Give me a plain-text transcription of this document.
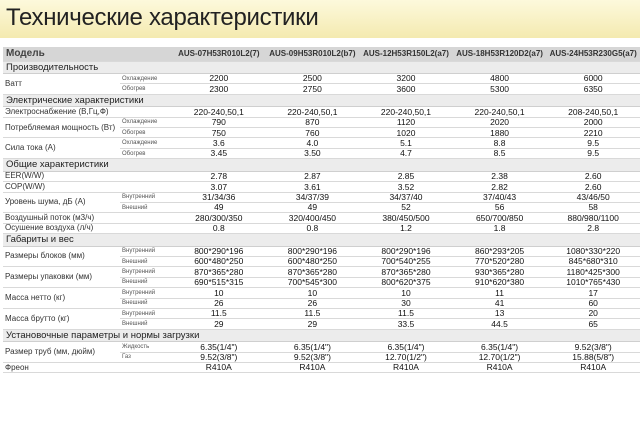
Технические характеристики
Модель		AUS-07H53R010L2(7)	AUS-09H53R010L2(b7)	AUS-12H53R150L2(a7)	AUS-18H53R120D2(a7)	AUS-24H53R230G5(a7)
Производительность						
Ватт	Охлаждение	2200	2500	3200	4800	6000
	Обогрев	2300	2750	3600	5300	6350
Электрические характеристики						
Электроснабжение (В,Гц,Ф)		220-240,50,1	220-240,50,1	220-240,50,1	220-240,50,1	208-240,50,1
Потребляемая мощность (Вт)	Охлаждение	790	870	1120	2020	2000
	Обогрев	750	760	1020	1880	2210
Сила тока (А)	Охлаждение	3.6	4.0	5.1	8.8	9.5
	Обогрев	3.45	3.50	4.7	8.5	9.5
Общие характеристики						
EER(W/W)		2.78	2.87	2.85	2.38	2.60
COP(W/W)		3.07	3.61	3.52	2.82	2.60
Уровень шума, дБ (А)	Внутренний	31/34/36	34/37/39	34/37/40	37/40/43	43/46/50
	Внешний	49	49	52	56	58
Воздушный поток (м3/ч)		280/300/350	320/400/450	380/450/500	650/700/850	880/980/1100
Осушение воздуха (л/ч)		0.8	0.8	1.2	1.8	2.8
Габариты и вес						
Размеры блоков (мм)	Внутренний	800*290*196	800*290*196	800*290*196	860*293*205	1080*330*220
	Внешний	600*480*250	600*480*250	700*540*255	770*520*280	845*680*310
Размеры упаковки (мм)	Внутренний	870*365*280	870*365*280	870*365*280	930*365*280	1180*425*300
	Внешний	690*515*315	700*545*300	800*620*375	910*620*380	1010*765*430
Масса нетто (кг)	Внутренний	10	10	10	11	17
	Внешний	26	26	30	41	60
Масса брутто (кг)	Внутренний	11.5	11.5	11.5	13	20
	Внешний	29	29	33.5	44.5	65
Установочные параметры и нормы загрузки						
Размер труб (мм, дюйм)	Жидкость	6.35(1/4")	6.35(1/4")	6.35(1/4")	6.35(1/4")	9.52(3/8")
	Газ	9.52(3/8")	9.52(3/8")	12.70(1/2")	12.70(1/2")	15.88(5/8")
Фреон		R410A	R410A	R410A	R410A	R410A
